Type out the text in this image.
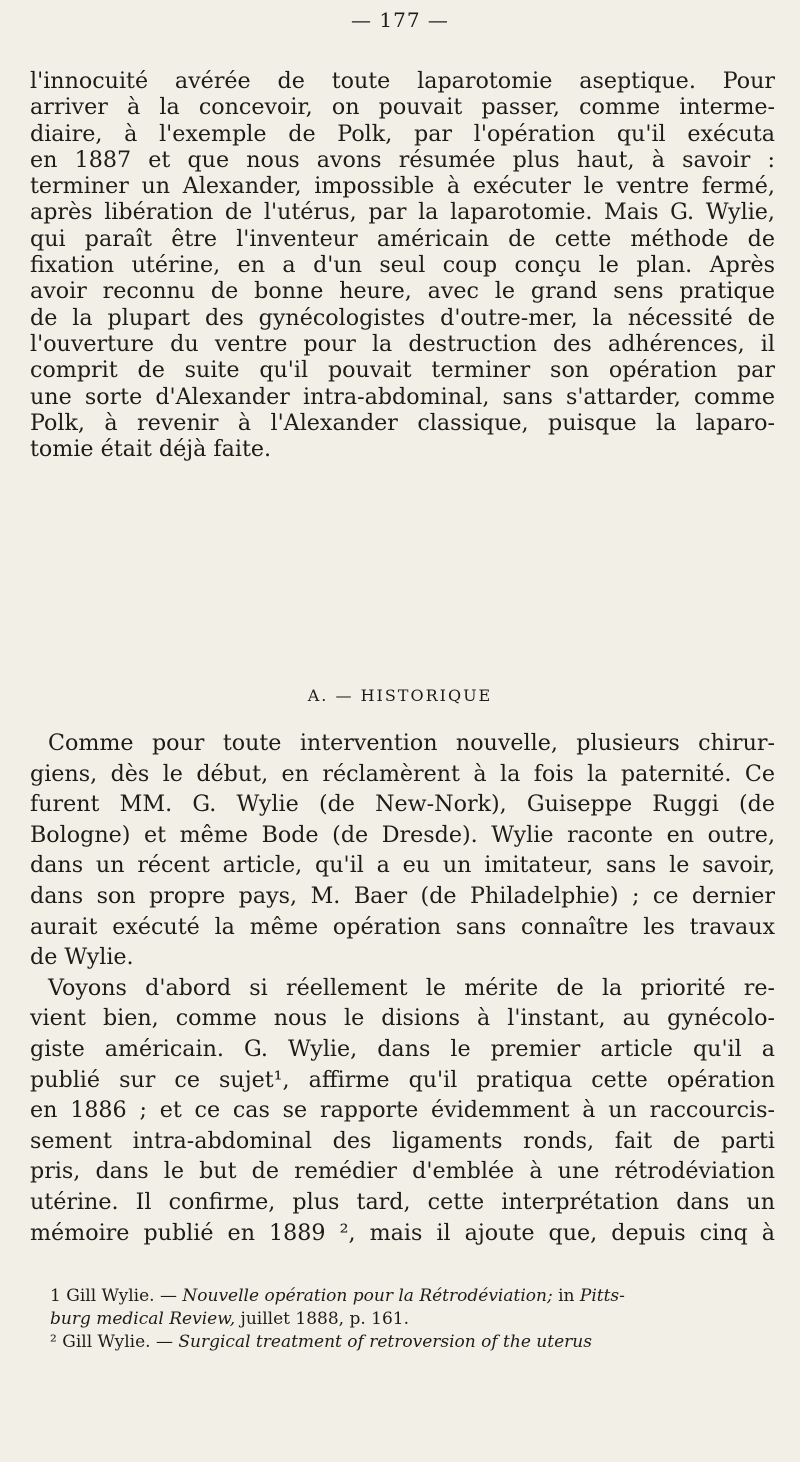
— 177 —
l'innocuité avérée de toute laparotomie aseptique. Pour
arriver à la concevoir, on pouvait passer, comme interme-
diaire, à l'exemple de Polk, par l'opération qu'il exécuta
en 1887 et que nous avons résumée plus haut, à savoir :
terminer un Alexander, impossible à exécuter le ventre fermé,
après libération de l'utérus, par la laparotomie. Mais G. Wylie,
qui paraît être l'inventeur américain de cette méthode de
fixation utérine, en a d'un seul coup conçu le plan. Après
avoir reconnu de bonne heure, avec le grand sens pratique
de la plupart des gynécologistes d'outre-mer, la nécessité de
l'ouverture du ventre pour la destruction des adhérences, il
comprit de suite qu'il pouvait terminer son opération par
une sorte d'Alexander intra-abdominal, sans s'attarder, comme
Polk, à revenir à l'Alexander classique, puisque la laparo-
tomie était déjà faite.
A. — HISTORIQUE
Comme pour toute intervention nouvelle, plusieurs chirur-
giens, dès le début, en réclamèrent à la fois la paternité. Ce
furent MM. G. Wylie (de New-Nork), Guiseppe Ruggi (de
Bologne) et même Bode (de Dresde). Wylie raconte en outre,
dans un récent article, qu'il a eu un imitateur, sans le savoir,
dans son propre pays, M. Baer (de Philadelphie) ; ce dernier
aurait exécuté la même opération sans connaître les travaux
de Wylie.
Voyons d'abord si réellement le mérite de la priorité re-
vient bien, comme nous le disions à l'instant, au gynécolo-
giste américain. G. Wylie, dans le premier article qu'il a
publié sur ce sujet¹, affirme qu'il pratiqua cette opération
en 1886 ; et ce cas se rapporte évidemment à un raccourcis-
sement intra-abdominal des ligaments ronds, fait de parti
pris, dans le but de remédier d'emblée à une rétrodéviation
utérine. Il confirme, plus tard, cette interprétation dans un
mémoire publié en 1889 ², mais il ajoute que, depuis cinq à
1 Gill Wylie. — Nouvelle opération pour la Rétrodéviation; in Pitts-
burg medical Review, juillet 1888, p. 161.
² Gill Wylie. — Surgical treatment of retroversion of the uterus
